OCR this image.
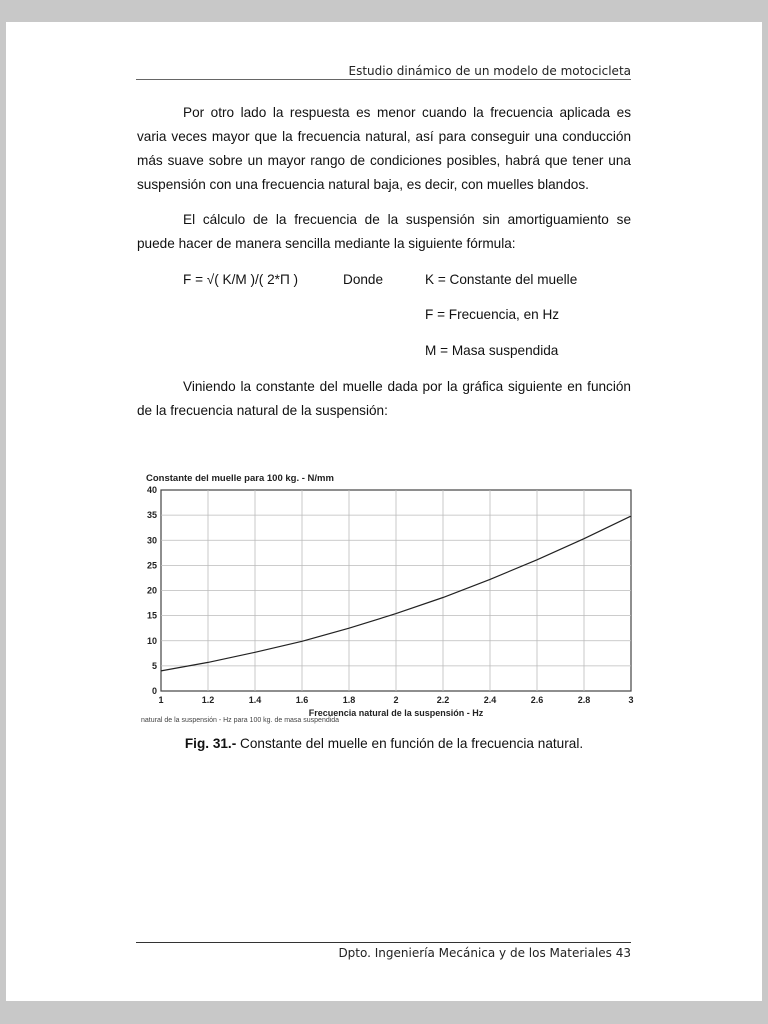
Estudio dinámico de un modelo de motocicleta

Por otro lado la respuesta es menor cuando la frecuencia aplicada es varia veces mayor que la frecuencia natural, así para conseguir una conducción más suave sobre un mayor rango de condiciones posibles, habrá que tener una suspensión con una frecuencia natural baja, es decir, con muelles blandos.

El cálculo de la frecuencia de la suspensión sin amortiguamiento se puede hacer de manera sencilla mediante la siguiente fórmula:

F = √( K/M )/( 2*Π )	Donde	K = Constante del muelle
F = Frecuencia, en Hz
M = Masa suspendida

Viniendo la constante del muelle dada por la gráfica siguiente en función de la frecuencia natural de la suspensión:

Constante del muelle para 100 kg. - N/mm
1	1.2	1.4	1.6	1.8	2	2.2	2.4	2.6	2.8	3
0
5
10
15
20
25
30
35
40
Frecuencia natural de la suspensión - Hz
natural de la suspensión - Hz para 100 kg. de masa suspendida
Fig. 31.- Constante del muelle en función de la frecuencia natural.
Dpto. Ingeniería Mecánica y de los Materiales 43
